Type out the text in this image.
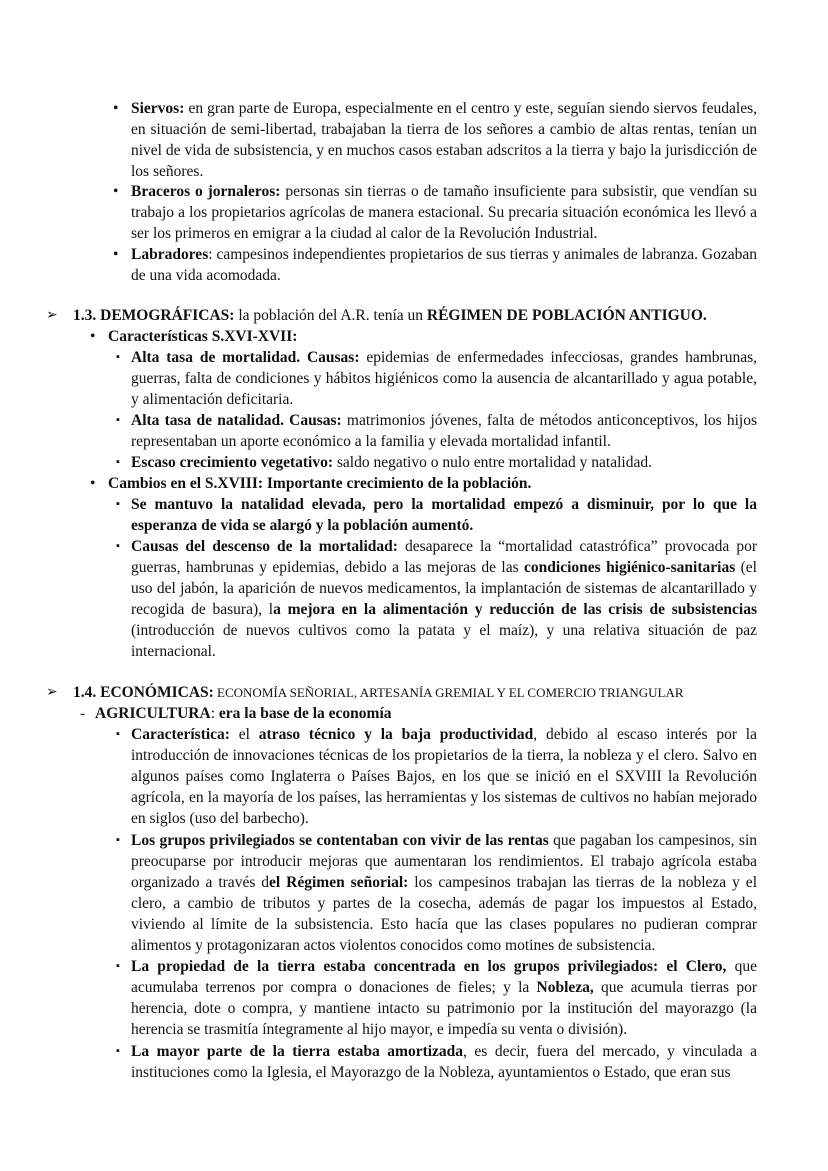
• Siervos: en gran parte de Europa, especialmente en el centro y este, seguían siendo siervos feudales, en situación de semi-libertad, trabajaban la tierra de los señores a cambio de altas rentas, tenían un nivel de vida de subsistencia, y en muchos casos estaban adscritos a la tierra y bajo la jurisdicción de los señores.
• Braceros o jornaleros: personas sin tierras o de tamaño insuficiente para subsistir, que vendían su trabajo a los propietarios agrícolas de manera estacional. Su precaria situación económica les llevó a ser los primeros en emigrar a la ciudad al calor de la Revolución Industrial.
• Labradores: campesinos independientes propietarios de sus tierras y animales de labranza. Gozaban de una vida acomodada.
➢ 1.3. DEMOGRÁFICAS: la población del A.R. tenía un RÉGIMEN DE POBLACIÓN ANTIGUO.
• Características S.XVI-XVII:
▪ Alta tasa de mortalidad. Causas: epidemias de enfermedades infecciosas, grandes hambrunas, guerras, falta de condiciones y hábitos higiénicos como la ausencia de alcantarillado y agua potable, y alimentación deficitaria.
▪ Alta tasa de natalidad. Causas: matrimonios jóvenes, falta de métodos anticonceptivos, los hijos representaban un aporte económico a la familia y elevada mortalidad infantil.
▪ Escaso crecimiento vegetativo: saldo negativo o nulo entre mortalidad y natalidad.
• Cambios en el S.XVIII: Importante crecimiento de la población.
▪ Se mantuvo la natalidad elevada, pero la mortalidad empezó a disminuir, por lo que la esperanza de vida se alargó y la población aumentó.
▪ Causas del descenso de la mortalidad: desaparece la “mortalidad catastrófica” provocada por guerras, hambrunas y epidemias, debido a las mejoras de las condiciones higiénico-sanitarias (el uso del jabón, la aparición de nuevos medicamentos, la implantación de sistemas de alcantarillado y recogida de basura), la mejora en la alimentación y reducción de las crisis de subsistencias (introducción de nuevos cultivos como la patata y el maíz), y una relativa situación de paz internacional.
➢ 1.4. ECONÓMICAS: ECONOMÍA SEÑORIAL, ARTESANÍA GREMIAL Y EL COMERCIO TRIANGULAR
- AGRICULTURA: era la base de la economía
▪ Característica: el atraso técnico y la baja productividad, debido al escaso interés por la introducción de innovaciones técnicas de los propietarios de la tierra, la nobleza y el clero. Salvo en algunos países como Inglaterra o Países Bajos, en los que se inició en el SXVIII la Revolución agrícola, en la mayoría de los países, las herramientas y los sistemas de cultivos no habían mejorado en siglos (uso del barbecho).
▪ Los grupos privilegiados se contentaban con vivir de las rentas que pagaban los campesinos, sin preocuparse por introducir mejoras que aumentaran los rendimientos. El trabajo agrícola estaba organizado a través del Régimen señorial: los campesinos trabajan las tierras de la nobleza y el clero, a cambio de tributos y partes de la cosecha, además de pagar los impuestos al Estado, viviendo al límite de la subsistencia. Esto hacía que las clases populares no pudieran comprar alimentos y protagonizaran actos violentos conocidos como motines de subsistencia.
▪ La propiedad de la tierra estaba concentrada en los grupos privilegiados: el Clero, que acumulaba terrenos por compra o donaciones de fieles; y la Nobleza, que acumula tierras por herencia, dote o compra, y mantiene intacto su patrimonio por la institución del mayorazgo (la herencia se trasmitía íntegramente al hijo mayor, e impedía su venta o división).
▪ La mayor parte de la tierra estaba amortizada, es decir, fuera del mercado, y vinculada a instituciones como la Iglesia, el Mayorazgo de la Nobleza, ayuntamientos o Estado, que eran sus
